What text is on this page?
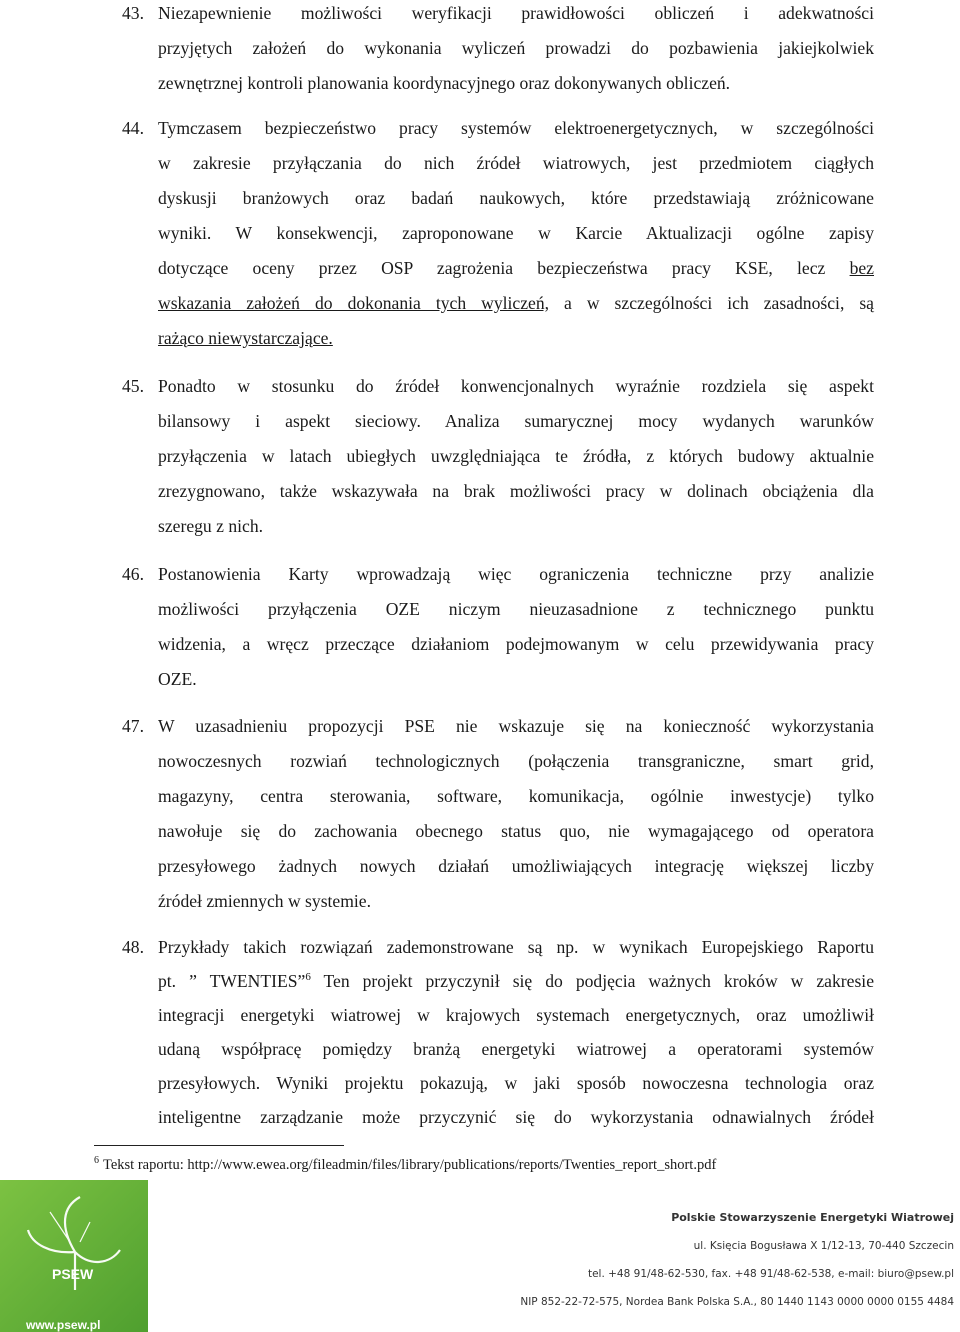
43. Niezapewnienie możliwości weryfikacji prawidłowości obliczeń i adekwatności
przyjętych założeń do wykonania wyliczeń prowadzi do pozbawienia jakiejkolwiek
zewnętrznej kontroli planowania koordynacyjnego oraz dokonywanych obliczeń.
44. Tymczasem bezpieczeństwo pracy systemów elektroenergetycznych, w szczególności
w zakresie przyłączania do nich źródeł wiatrowych, jest przedmiotem ciągłych
dyskusji branżowych oraz badań naukowych, które przedstawiają zróżnicowane
wyniki. W konsekwencji, zaproponowane w Karcie Aktualizacji ogólne zapisy
dotyczące oceny przez OSP zagrożenia bezpieczeństwa pracy KSE, lecz bez
wskazania założeń do dokonania tych wyliczeń, a w szczególności ich zasadności, są
rażąco niewystarczające.
45. Ponadto w stosunku do źródeł konwencjonalnych wyraźnie rozdziela się aspekt
bilansowy i aspekt sieciowy. Analiza sumarycznej mocy wydanych warunków
przyłączenia w latach ubiegłych uwzględniająca te źródła, z których budowy aktualnie
zrezygnowano, także wskazywała na brak możliwości pracy w dolinach obciążenia dla
szeregu z nich.
46. Postanowienia Karty wprowadzają więc ograniczenia techniczne przy analizie
możliwości przyłączenia OZE niczym nieuzasadnione z technicznego punktu
widzenia, a wręcz przeczące działaniom podejmowanym w celu przewidywania pracy
OZE.
47. W uzasadnieniu propozycji PSE nie wskazuje się na konieczność wykorzystania
nowoczesnych rozwiań technologicznych (połączenia transgraniczne, smart grid,
magazyny, centra sterowania, software, komunikacja, ogólnie inwestycje) tylko
nawołuje się do zachowania obecnego status quo, nie wymagającego od operatora
przesyłowego żadnych nowych działań umożliwiających integrację większej liczby
źródeł zmiennych w systemie.
48. Przykłady takich rozwiązań zademonstrowane są np. w wynikach Europejskiego Raportu
pt. ” TWENTIES”$^6$ Ten projekt przyczynił się do podjęcia ważnych kroków w zakresie
integracji energetyki wiatrowej w krajowych systemach energetycznych, oraz umożliwił
udaną współpracę pomiędzy branżą energetyki wiatrowej a operatorami systemów
przesyłowych. Wyniki projektu pokazują, w jaki sposób nowoczesna technologia oraz
inteligentne zarządzanie może przyczynić się do wykorzystania odnawialnych źródeł
$^6$ Tekst raportu: http://www.ewea.org/fileadmin/files/library/publications/reports/Twenties_report_short.pdf
PSEW
www.psew.pl
Polskie Stowarzyszenie Energetyki Wiatrowej
ul. Księcia Bogusława X 1/12-13, 70-440 Szczecin
tel. +48 91/48-62-530, fax. +48 91/48-62-538, e-mail: biuro@psew.pl
NIP 852-22-72-575, Nordea Bank Polska S.A., 80 1440 1143 0000 0000 0155 4484
